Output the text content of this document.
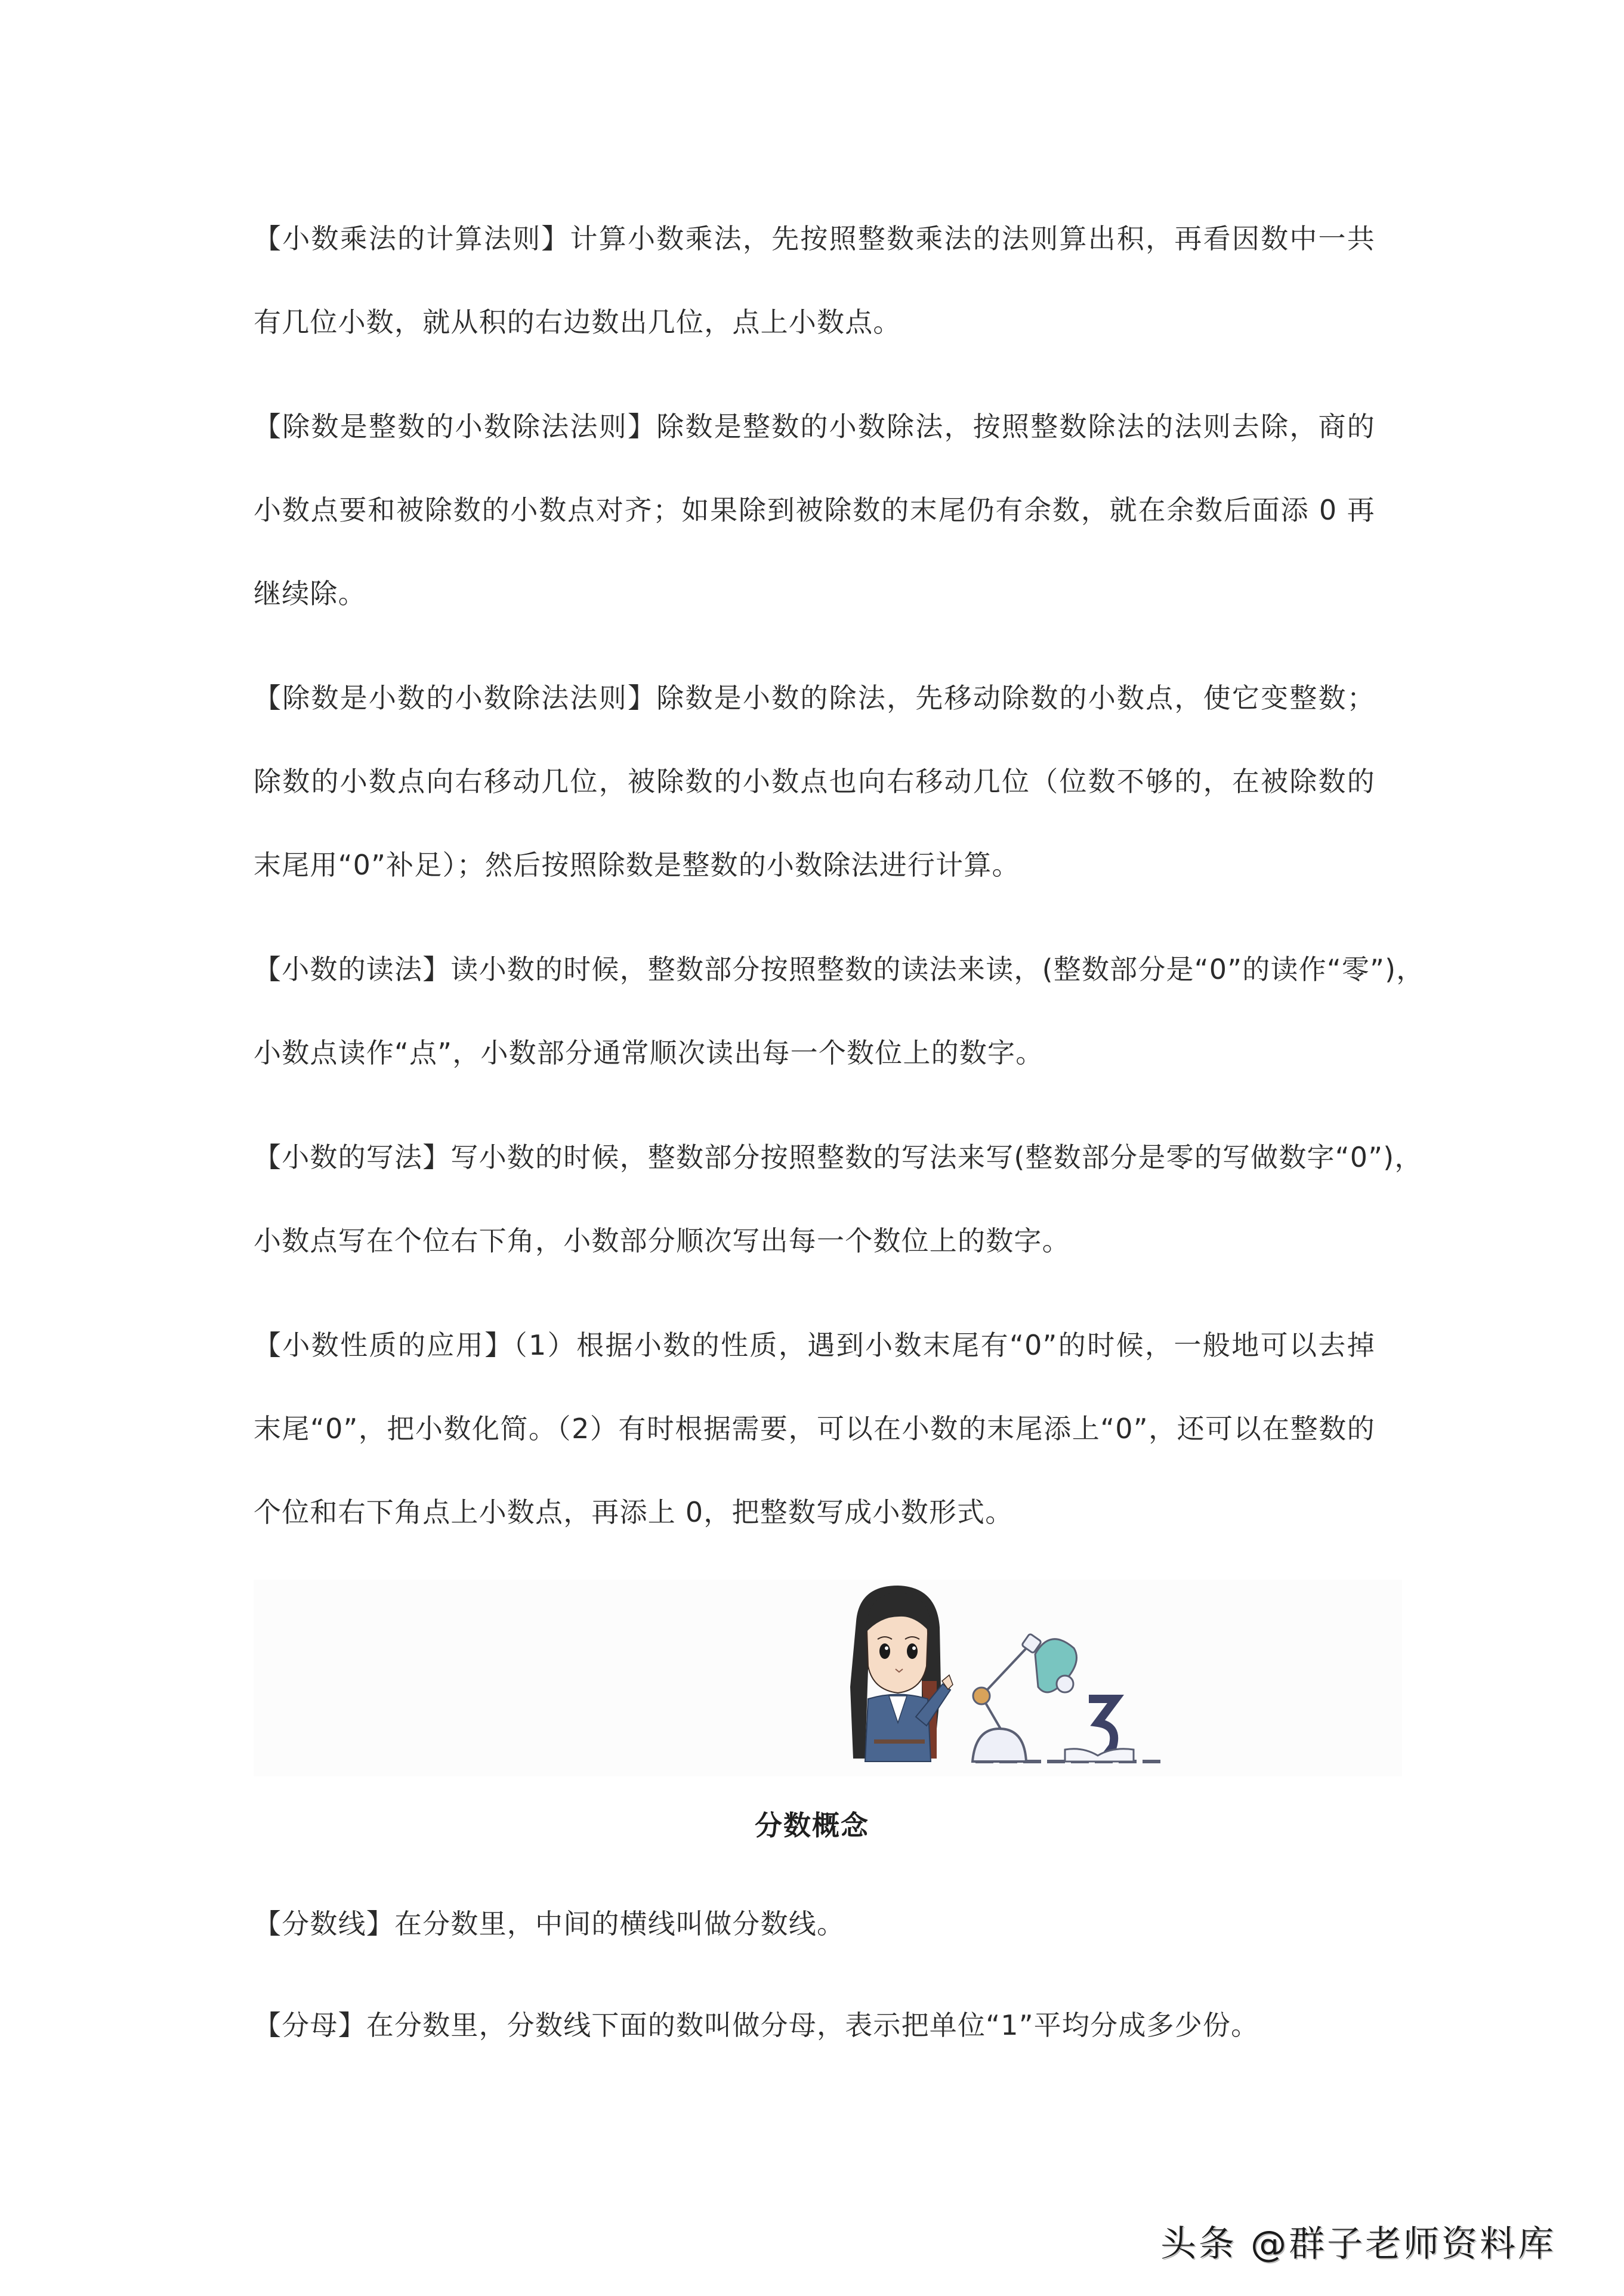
【小数乘法的计算法则】计算小数乘法，先按照整数乘法的法则算出积，再看因数中一共
有几位小数，就从积的右边数出几位，点上小数点。
【除数是整数的小数除法法则】除数是整数的小数除法，按照整数除法的法则去除，商的
小数点要和被除数的小数点对齐；如果除到被除数的末尾仍有余数，就在余数后面添 0 再
继续除。
【除数是小数的小数除法法则】除数是小数的除法，先移动除数的小数点，使它变整数；
除数的小数点向右移动几位，被除数的小数点也向右移动几位（位数不够的，在被除数的
末尾用“0”补足）；然后按照除数是整数的小数除法进行计算。
【小数的读法】读小数的时候，整数部分按照整数的读法来读，(整数部分是“0”的读作“零”)，
小数点读作“点”，小数部分通常顺次读出每一个数位上的数字。
【小数的写法】写小数的时候，整数部分按照整数的写法来写(整数部分是零的写做数字“0”)，
小数点写在个位右下角，小数部分顺次写出每一个数位上的数字。
【小数性质的应用】（1）根据小数的性质，遇到小数末尾有“0”的时候，一般地可以去掉
末尾“0”，把小数化简。（2）有时根据需要，可以在小数的末尾添上“0”，还可以在整数的
个位和右下角点上小数点，再添上 0，把整数写成小数形式。
分数概念
【分数线】在分数里，中间的横线叫做分数线。
【分母】在分数里，分数线下面的数叫做分母，表示把单位“1”平均分成多少份。
头条 @群子老师资料库
